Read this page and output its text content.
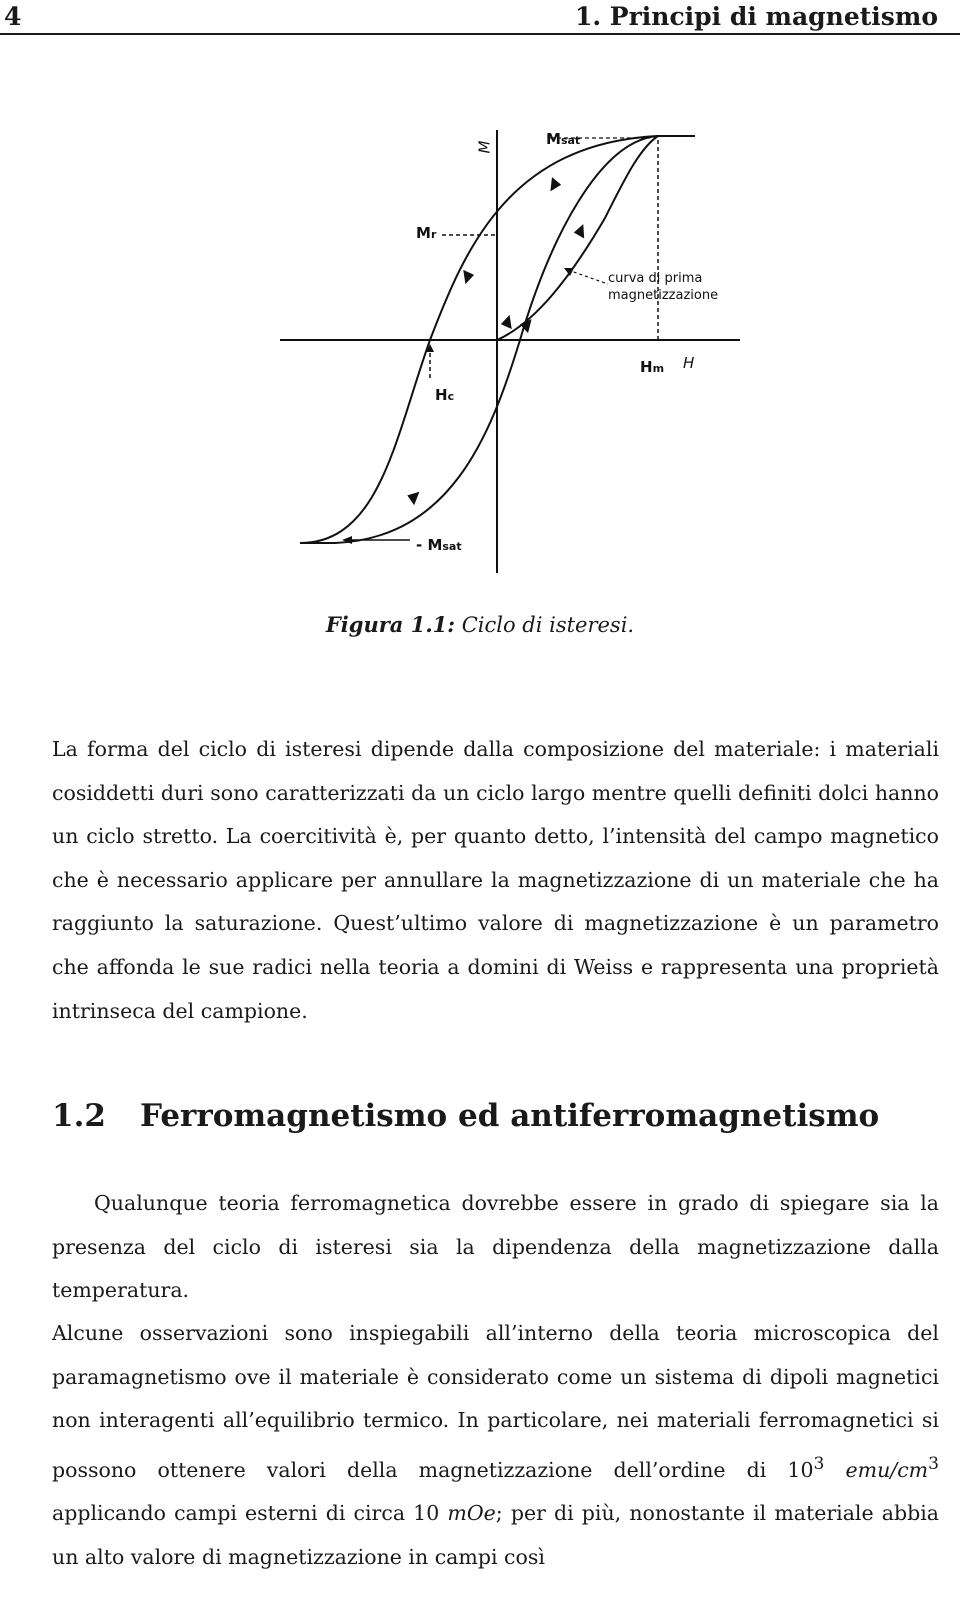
4	1. Principi di magnetismo
M
H
Msat
Mr
Hc
Hm
- Msat
curva di prima
magnetizzazione
Figura 1.1: Ciclo di isteresi.
La forma del ciclo di isteresi dipende dalla composizione del materiale: i materiali cosiddetti duri sono caratterizzati da un ciclo largo mentre quelli definiti dolci hanno un ciclo stretto. La coercitività è, per quanto detto, l’intensità del campo magnetico che è necessario applicare per annullare la magnetizzazione di un materiale che ha raggiunto la saturazione. Quest’ultimo valore di magnetizzazione è un parametro che affonda le sue radici nella teoria a domini di Weiss e rappresenta una proprietà intrinseca del campione.
1.2 Ferromagnetismo ed antiferromagnetismo
Qualunque teoria ferromagnetica dovrebbe essere in grado di spiegare sia la presenza del ciclo di isteresi sia la dipendenza della magnetizzazione dalla temperatura.
Alcune osservazioni sono inspiegabili all’interno della teoria microscopica del paramagnetismo ove il materiale è considerato come un sistema di dipoli magnetici non interagenti all’equilibrio termico. In particolare, nei materiali ferromagnetici si possono ottenere valori della magnetizzazione dell’ordine di $10^3$ emu/$cm^3$ applicando campi esterni di circa 10 mOe; per di più, nonostante il materiale abbia un alto valore di magnetizzazione in campi così
